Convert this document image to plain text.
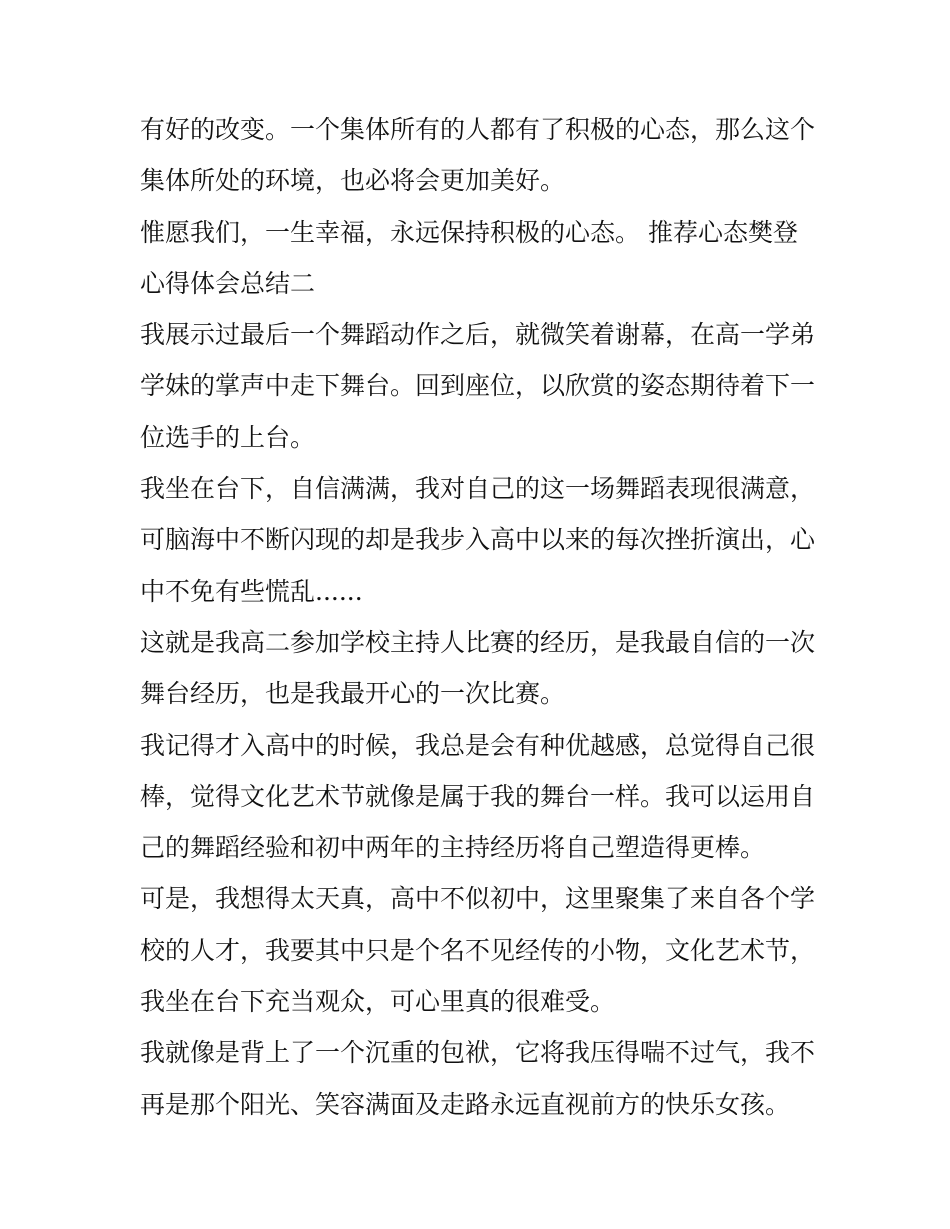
有好的改变。一个集体所有的人都有了积极的心态，那么这个
集体所处的环境，也必将会更加美好。
惟愿我们，一生幸福，永远保持积极的心态。 推荐心态樊登
心得体会总结二
我展示过最后一个舞蹈动作之后，就微笑着谢幕，在高一学弟
学妹的掌声中走下舞台。回到座位，以欣赏的姿态期待着下一
位选手的上台。
我坐在台下，自信满满，我对自己的这一场舞蹈表现很满意，
可脑海中不断闪现的却是我步入高中以来的每次挫折演出，心
中不免有些慌乱......
这就是我高二参加学校主持人比赛的经历，是我最自信的一次
舞台经历，也是我最开心的一次比赛。
我记得才入高中的时候，我总是会有种优越感，总觉得自己很
棒，觉得文化艺术节就像是属于我的舞台一样。我可以运用自
己的舞蹈经验和初中两年的主持经历将自己塑造得更棒。
可是，我想得太天真，高中不似初中，这里聚集了来自各个学
校的人才，我要其中只是个名不见经传的小物，文化艺术节，
我坐在台下充当观众，可心里真的很难受。
我就像是背上了一个沉重的包袱，它将我压得喘不过气，我不
再是那个阳光、笑容满面及走路永远直视前方的快乐女孩。
